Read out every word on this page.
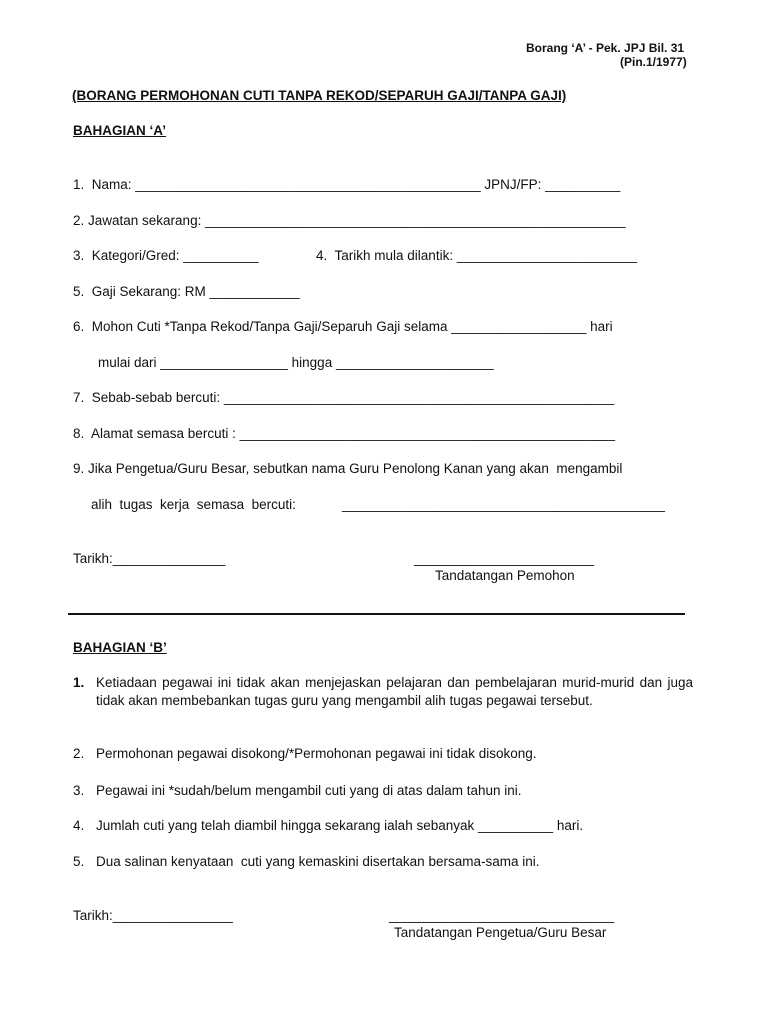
Borang ‘A’ - Pek. JPJ Bil. 31
(Pin.1/1977)
(BORANG PERMOHONAN CUTI TANPA REKOD/SEPARUH GAJI/TANPA GAJI)
BAHAGIAN ‘A’
1.  Nama: ______________________________________________ JPNJ/FP: __________
2. Jawatan sekarang: ________________________________________________________
3.  Kategori/Gred: __________	4.  Tarikh mula dilantik: ________________________
5.  Gaji Sekarang: RM ____________
6.  Mohon Cuti *Tanpa Rekod/Tanpa Gaji/Separuh Gaji selama __________________ hari
mulai dari _________________ hingga _____________________
7.  Sebab-sebab bercuti: ____________________________________________________
8.  Alamat semasa bercuti : __________________________________________________
9. Jika Pengetua/Guru Besar, sebutkan nama Guru Penolong Kanan yang akan  mengambil
alih  tugas  kerja  semasa  bercuti:	___________________________________________
Tarikh:_______________	________________________
Tandatangan Pemohon
BAHAGIAN ‘B’
1. Ketiadaan pegawai ini tidak akan menjejaskan pelajaran dan pembelajaran murid-murid dan juga tidak akan membebankan tugas guru yang mengambil alih tugas pegawai tersebut.
2. Permohonan pegawai disokong/*Permohonan pegawai ini tidak disokong.
3. Pegawai ini *sudah/belum mengambil cuti yang di atas dalam tahun ini.
4. Jumlah cuti yang telah diambil hingga sekarang ialah sebanyak __________ hari.
5. Dua salinan kenyataan  cuti yang kemaskini disertakan bersama-sama ini.
Tarikh:________________	______________________________
Tandatangan Pengetua/Guru Besar
